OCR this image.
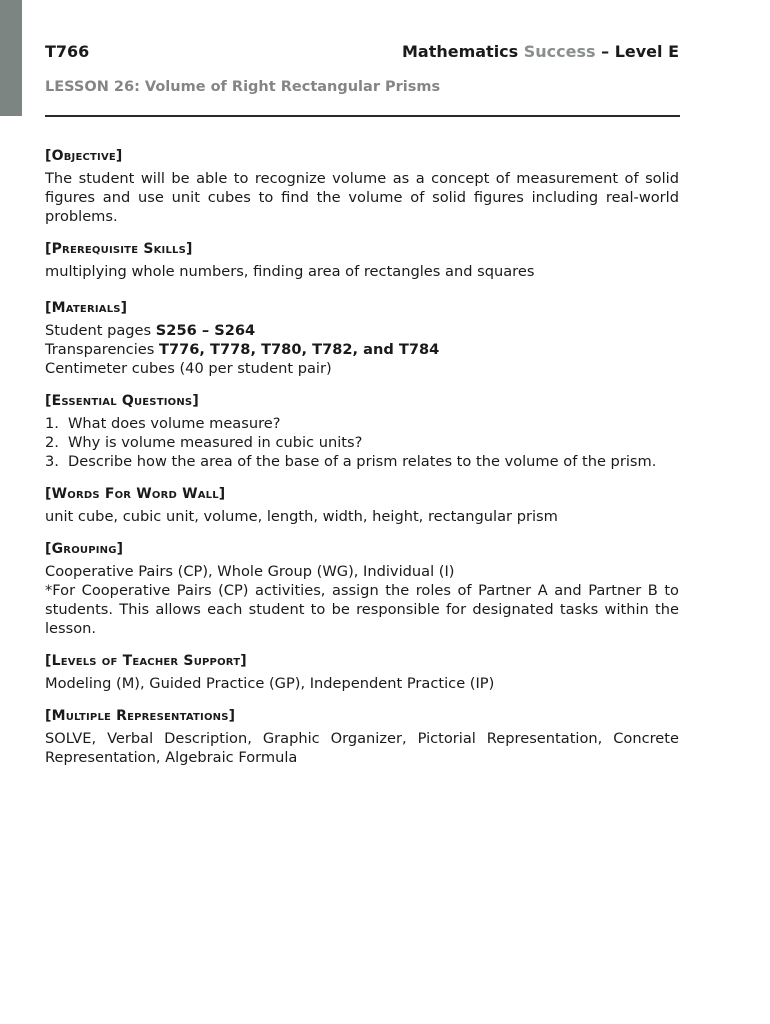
T766	Mathematics Success – Level E
LESSON 26: Volume of Right Rectangular Prisms
[Objective]

The student will be able to recognize volume as a concept of measurement of solid figures and use unit cubes to find the volume of solid figures including real-world problems.

[Prerequisite Skills]

multiplying whole numbers, finding area of rectangles and squares

[Materials]

Student pages S256 – S264

Transparencies T776, T778, T780, T782, and T784

Centimeter cubes (40 per student pair)

[Essential Questions]
1. What does volume measure?
2. Why is volume measured in cubic units?
3. Describe how the area of the base of a prism relates to the volume of the prism.
[Words For Word Wall]

unit cube, cubic unit, volume, length, width, height, rectangular prism

[Grouping]

Cooperative Pairs (CP), Whole Group (WG), Individual (I)

*For Cooperative Pairs (CP) activities, assign the roles of Partner A and Partner B to students. This allows each student to be responsible for designated tasks within the lesson.

[Levels of Teacher Support]

Modeling (M), Guided Practice (GP), Independent Practice (IP)

[Multiple Representations]

SOLVE, Verbal Description, Graphic Organizer, Pictorial Representation, Concrete Representation, Algebraic Formula
